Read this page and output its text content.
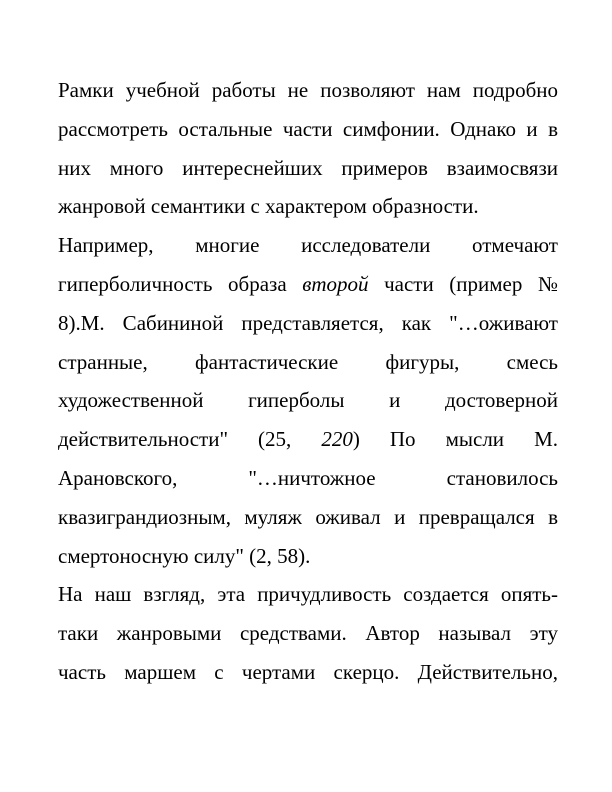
Рамки учебной работы не позволяют нам подробно
рассмотреть остальные части симфонии. Однако и в
них много интереснейших примеров взаимосвязи
жанровой семантики с характером образности.

Например, многие исследователи отмечают
гиперболичность образа второй части (пример №
8).М. Сабининой представляется, как "…оживают
странные, фантастические фигуры, смесь
художественной гиперболы и достоверной
действительности" (25, 220) По мысли М.
Арановского, "…ничтожное становилось
квазиграндиозным, муляж оживал и превращался в
смертоносную силу" (2, 58).

На наш взгляд, эта причудливость создается опять-
таки жанровыми средствами. Автор называл эту
часть маршем с чертами скерцо. Действительно,
